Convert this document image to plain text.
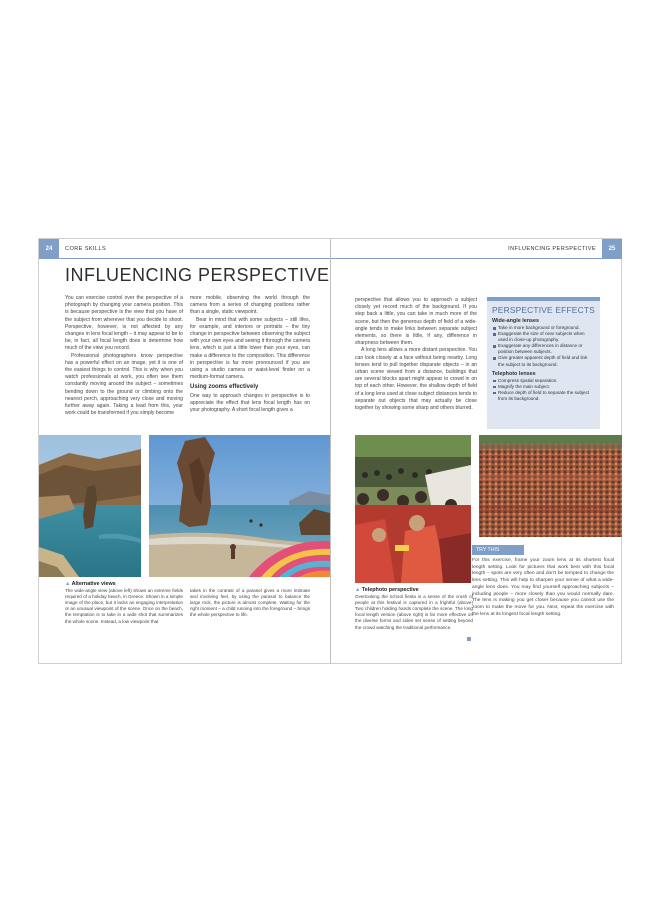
24	CORE SKILLS
INFLUENCING PERSPECTIVE

You can exercise control over the perspective of a photograph by changing your camera position. This is because perspective is the view that you have of the subject from wherever that you decide to shoot. Perspective, however, is not affected by any changes in lens focal length – it may appear to be to be, in fact, all focal length does is determine how much of the view you record.

Professional photographers know perspective has a powerful effect on an image, yet it is one of the easiest things to control. This is why when you watch professionals at work, you often see them constantly moving around the subject – sometimes bending down to the ground or climbing onto the nearest perch, approaching very close and moving further away again. Taking a lead from this, your work could be transformed if you simply become

more mobile, observing the world through the camera from a series of changing positions rather than a single, static viewpoint.

Bear in mind that with some subjects – still lifes, for example, and interiors or portraits – the tiny change in perspective between observing the subject with your own eyes and seeing it through the camera lens, which is just a little lower than your eyes, can make a difference to the composition. This difference in perspective is far more pronounced if you are using a studio camera or waist-level finder on a medium-format camera.

Using zooms effectively

One way to approach changes in perspective is to appreciate the effect that lens focal length has on your photography. A short focal length gives a

▲ Alternative views
The wide-angle view (above left) shows an extreme fields required of a holiday beach, in Greece. Shown in a simple image of the place, but it lacks an engaging interpretation or an unusual viewpoint of the scene. Once on the beach, the temptation is to take in a wide shot that summarizes the whole scene. Instead, a low viewpoint that
takes in the contrast of a parasol gives a more intimate and involving feel, by using the parasol to balance the large rock, the picture is almost complete. Waiting for the right moment – a child running into the foreground – brings the whole perspective to life.
INFLUENCING PERSPECTIVE	25

perspective that allows you to approach a subject closely yet record much of the background. If you step back a little, you can take in much more of the scene, but then the generous depth of field of a wide-angle tends to make links between separate subject elements, so there is little, if any, difference in sharpness between them.

A long lens allows a more distant perspective. You can look closely at a face without being nearby. Long lenses tend to pull together disparate objects – in an urban scene viewed from a distance, buildings that are several blocks apart might appear to crowd in on top of each other. However, the shallow depth of field of a long lens used at close subject distances tends to separate out objects that may actually be close together by showing some sharp and others blurred.

PERSPECTIVE EFFECTS
Wide-angle lenses
Take in more background or foreground.
Exaggerate the size of near subjects when used in close-up photography.
Exaggerate any differences in distance or position between subjects.
Give greater apparent depth of field and link the subject to its background.
Telephoto lenses
Compress spatial separation.
Magnify the main subject.
Reduce depth of field to separate the subject from its background.
▲ Telephoto perspective
Overlooking the school fiesta is a sense of the crush of people at this festival is captured in a frightful (above) Two children holding hands complete the scene. The long focal length version (above right) is far more effective on the diverse forms and sides set sense of setting beyond the crowd watching the traditional performance.
TRY THIS
For this exercise, frame your zoom lens at its shortest focal length setting. Look for pictures that work best with this focal length – spots are very often and don't be tempted to change the lens setting. This will help to sharpen your sense of what a wide-angle lens does. You may find yourself approaching subjects – including people – more closely than you would normally dare. The lens is making you get closer because you cannot use the zoom to make the move for you. Next, repeat the exercise with the lens at its longest focal length setting.
